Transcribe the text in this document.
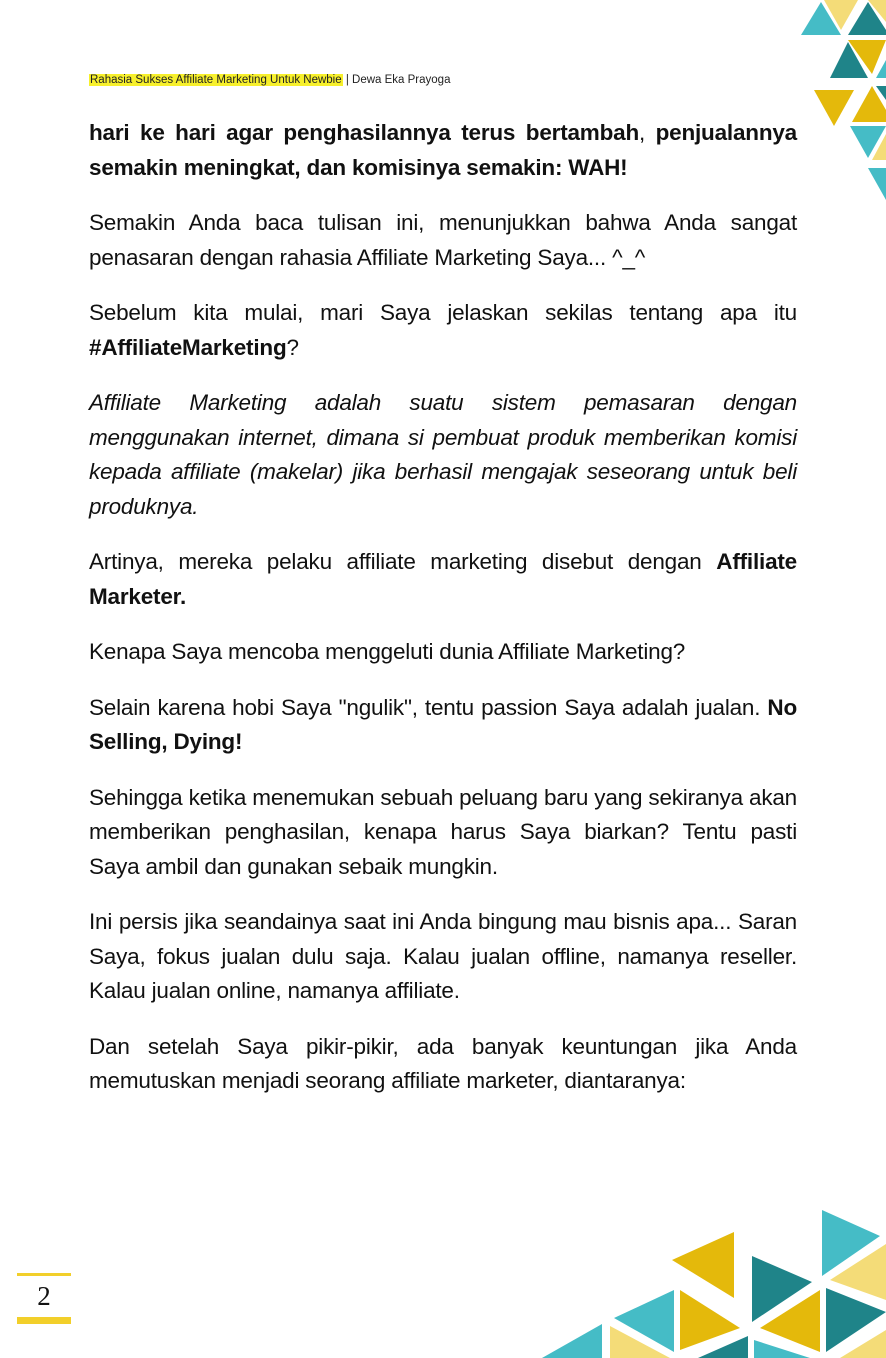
Rahasia Sukses Affiliate Marketing Untuk Newbie | Dewa Eka Prayoga

hari ke hari agar penghasilannya terus bertambah, penjualannya semakin meningkat, dan komisinya semakin: WAH!

Semakin Anda baca tulisan ini, menunjukkan bahwa Anda sangat penasaran dengan rahasia Affiliate Marketing Saya... ^_^

Sebelum kita mulai, mari Saya jelaskan sekilas tentang apa itu #AffiliateMarketing?

Affiliate Marketing adalah suatu sistem pemasaran dengan menggunakan internet, dimana si pembuat produk memberikan komisi kepada affiliate (makelar) jika berhasil mengajak seseorang untuk beli produknya.

Artinya, mereka pelaku affiliate marketing disebut dengan Affiliate Marketer.

Kenapa Saya mencoba menggeluti dunia Affiliate Marketing?

Selain karena hobi Saya "ngulik", tentu passion Saya adalah jualan. No Selling, Dying!

Sehingga ketika menemukan sebuah peluang baru yang sekiranya akan memberikan penghasilan, kenapa harus Saya biarkan? Tentu pasti Saya ambil dan gunakan sebaik mungkin.

Ini persis jika seandainya saat ini Anda bingung mau bisnis apa... Saran Saya, fokus jualan dulu saja. Kalau jualan offline, namanya reseller. Kalau jualan online, namanya affiliate.

Dan setelah Saya pikir-pikir, ada banyak keuntungan jika Anda memutuskan menjadi seorang affiliate marketer, diantaranya:

2
